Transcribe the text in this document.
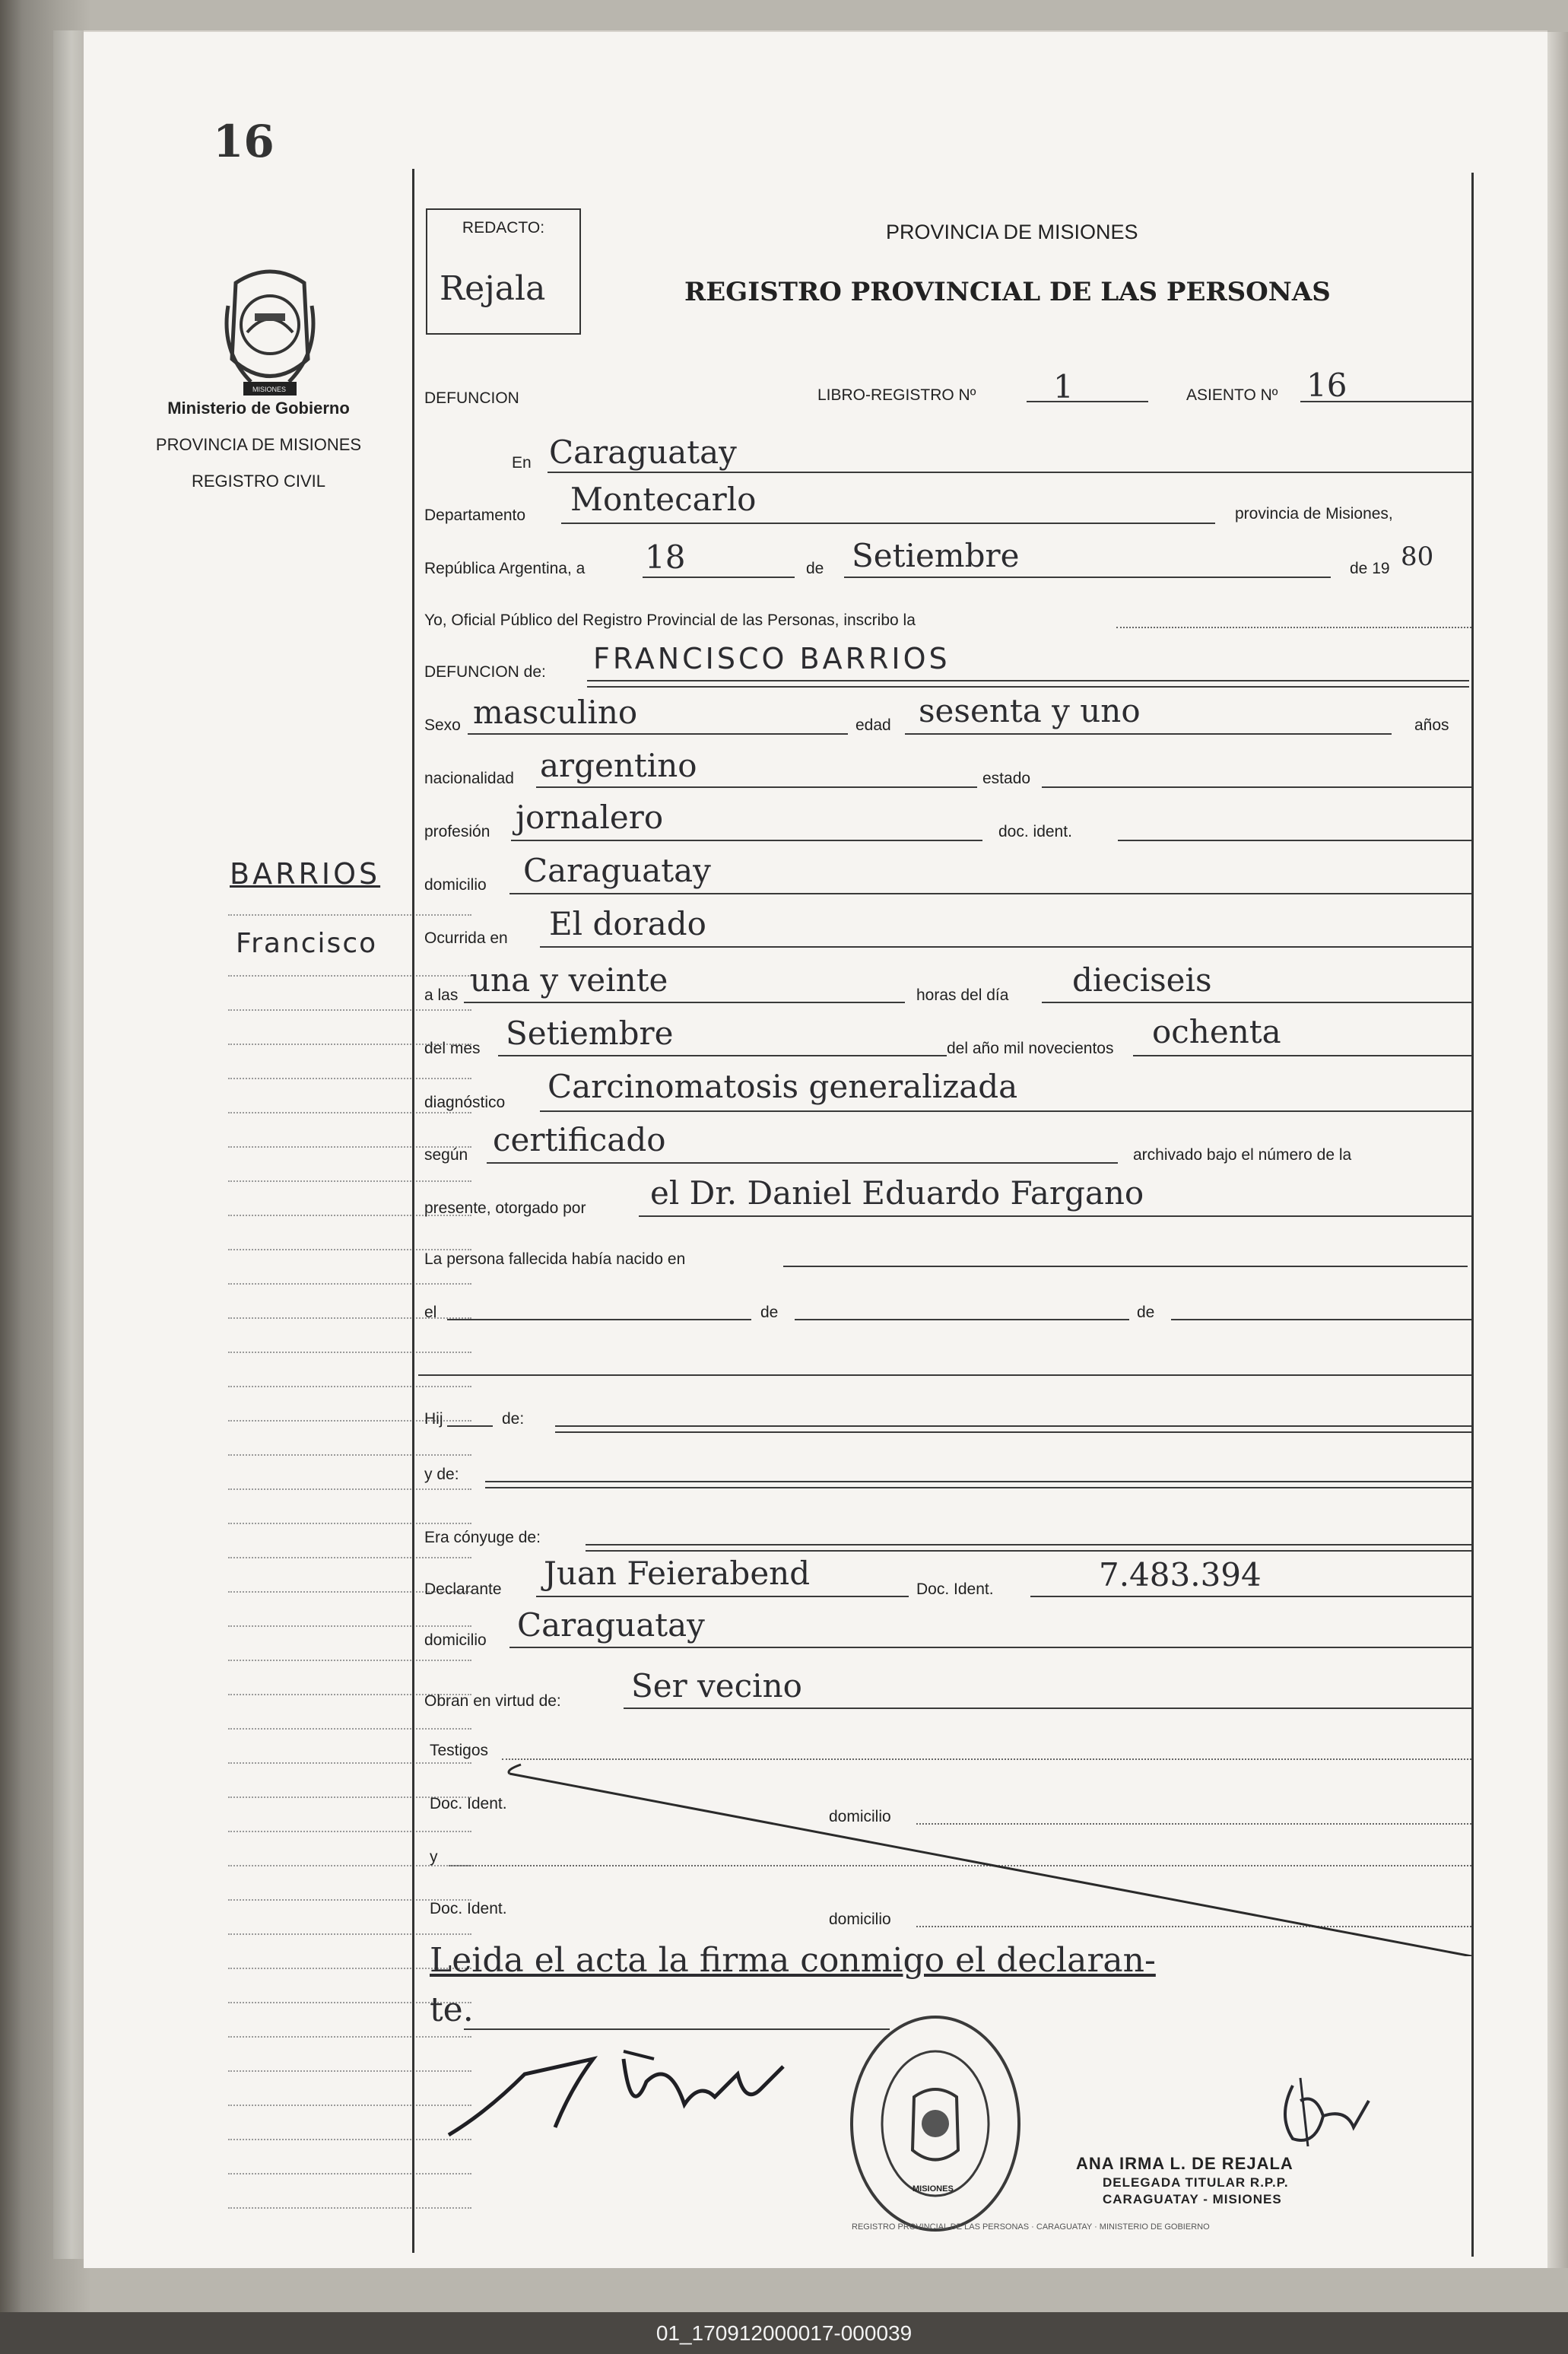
16
MISIONES
Ministerio de Gobierno
PROVINCIA DE MISIONES
REGISTRO CIVIL
BARRIOS
Francisco
REDACTO:
Rejala
PROVINCIA DE MISIONES
REGISTRO PROVINCIAL DE LAS PERSONAS
DEFUNCION	LIBRO-REGISTRO Nº 1	ASIENTO Nº 16
En Caraguatay
Departamento Montecarlo	provincia de Misiones,
República Argentina, a 18	de Setiembre	de 19 80
Yo, Oficial Público del Registro Provincial de las Personas, inscribo la
DEFUNCION de: FRANCISCO BARRIOS
Sexo masculino	edad sesenta y uno	años
nacionalidad argentino	estado
profesión jornalero	doc. ident.
domicilio Caraguatay
Ocurrida en El dorado
a las una y veinte	horas del día dieciseis
del mes Setiembre	del año mil novecientos ochenta
diagnóstico Carcinomatosis generalizada
según certificado	archivado bajo el número de la
presente, otorgado por el Dr. Daniel Eduardo Fargano
La persona fallecida había nacido en
el	de	de
Hij	de:
y de:
Era cónyuge de:
Declarante Juan Feierabend	Doc. Ident.	7.483.394
domicilio Caraguatay
Obran en virtud de: Ser vecino
Testigos
Doc. Ident.
domicilio
y
Doc. Ident.
domicilio
Leida el acta la firma conmigo el declaran-
te.
REGISTRO PROVINCIAL DE LAS PERSONAS · CARAGUATAY · MINISTERIO DE GOBIERNO
MISIONES
ANA IRMA L. DE REJALA
DELEGADA TITULAR R.P.P.
CARAGUATAY - MISIONES
01_170912000017-000039
